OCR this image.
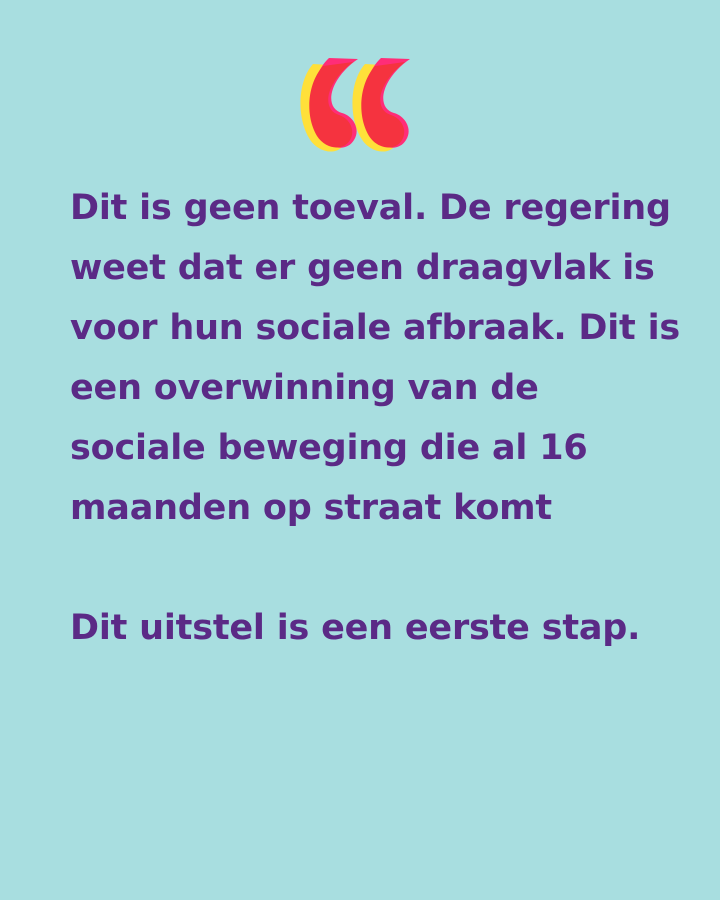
Dit is geen toeval. De regering
weet dat er geen draagvlak is
voor hun sociale afbraak. Dit is
een overwinning van de
sociale beweging die al 16
maanden op straat komt
Dit uitstel is een eerste stap.
